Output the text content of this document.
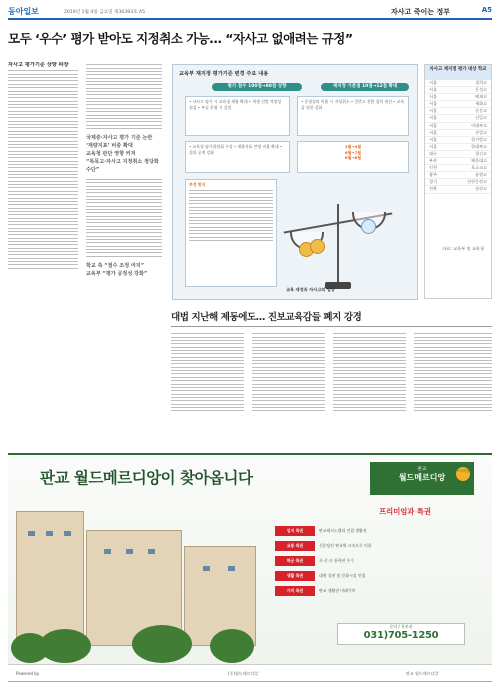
동아일보	2019년 1월 4일 금요일 제30393호 A5	자사고 죽이는 정부	A5
모두 ‘우수’ 평가 받아도 지정취소 가능… “자사고 없애려는 규정”
자사고 평가기준 상향 파장
국제중·자사고 평가 기준 논란
‘재량지표’ 비중 확대
교육청 판단 영향 커져
“특목고·자사고 지정취소 정당화 수단”
학교 측 “점수 조정 여지”
교육부 “평가 공정성 강화”
교육부 재지정 평가기준 변경 주요 내용
평가 점수 100점→80점 상향	재지정 기준점 10점→12점 확대
• 자사고 평가 시 교육청 재량 확대 • 학생 선발 적정성 점검 • 부실 운영 시 감점
• 운영성과 미흡 시 지정취소 • 일반고 전환 절차 개선 • 교육감 권한 강화
• 교육청 평가위원회 구성 • 재량지표 반영 비율 확대 • 결과 공개 강화
3월→4월
6월→7월
6월→8월
부정 방지
교육 재정과 자사고의 입장
자사고 재지정 평가 대상 학교
서울	경희고
서울	동성고
서울	배재고
서울	세화고
서울	숭문고
서울	신일고
서울	이대부고
서울	중앙고
서울	한가람고
서울	한대부고
대구	경신고
부산	해운대고
인천	포스코고
광주	송원고
경기	안산동산고
전북	상산고
자료: 교육부 및 교육청
대법 지난해 제동에도… 진보교육감들 폐지 강경
판교 월드메르디앙이 찾아옵니다	판교
월드메르디앙
프리미엄
프리미엄과 특권
입지 특권	판교테크노밸리 인접 생활권
교통 특권	신분당선 판교역·고속도로 이용
학군 특권	초·중·고 통학권 우수
생활 특권	대형 상권 및 문화시설 인접
가치 특권	판교 생활권 미래가치
문의 / 홍보관
031)705-1250
Powered by	(주)월드메르디앙	판교 월드메르디앙
